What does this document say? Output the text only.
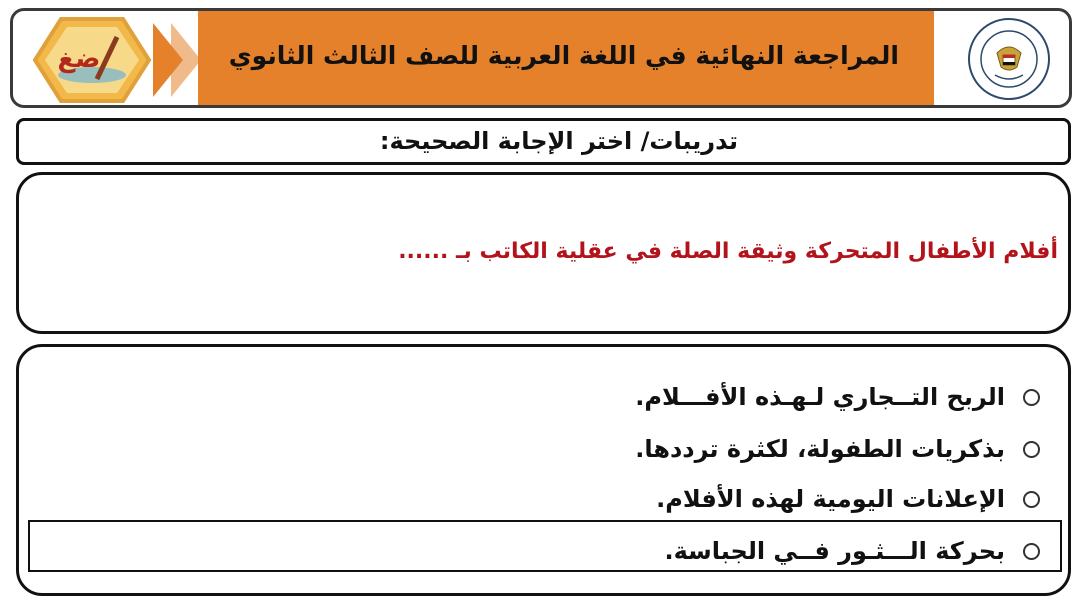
ضغ	المراجعة النهائية في اللغة العربية للصف الثالث الثانوي
تدريبات/ اختر الإجابة الصحيحة:
أفلام الأطفال المتحركة وثيقة الصلة في عقلية الكاتب بـ ......
الربح التــجاري لـهـذه الأفـــلام.
بذكريات الطفولة، لكثرة ترددها.
الإعلانات اليومية لهذه الأفلام.
بحركة الـــثـور فــي الجباسة.
